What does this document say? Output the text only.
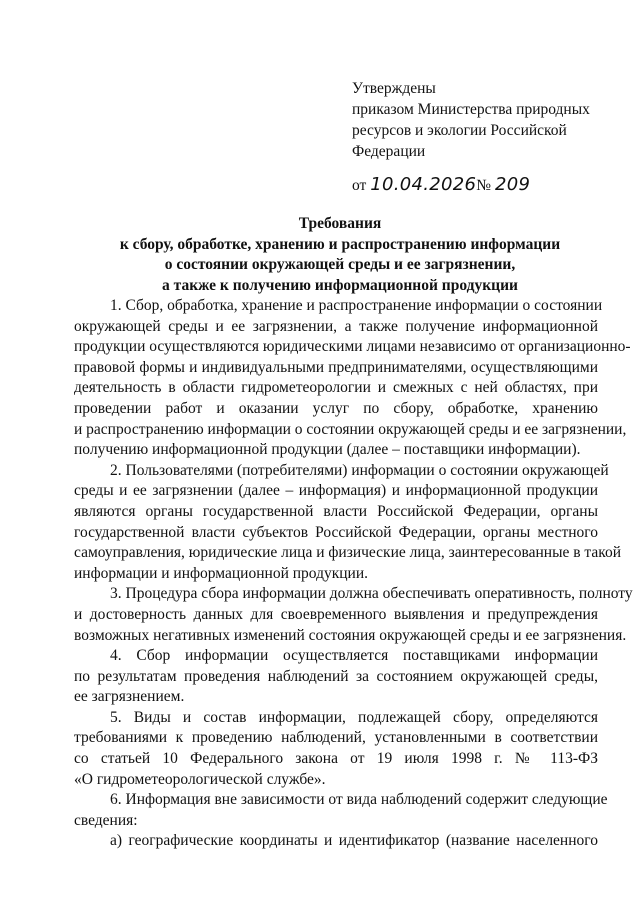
Утверждены
приказом Министерства природных
ресурсов и экологии Российской
Федерации
от 10.04.2026№ 209
Требования
к сбору, обработке, хранению и распространению информации
о состоянии окружающей среды и ее загрязнении,
а также к получению информационной продукции

1. Сбор, обработка, хранение и распространение информации о состоянии
окружающей среды и ее загрязнении, а также получение информационной
продукции осуществляются юридическими лицами независимо от организационно-
правовой формы и индивидуальными предпринимателями, осуществляющими
деятельность в области гидрометеорологии и смежных с ней областях, при
проведении работ и оказании услуг по сбору, обработке, хранению
и распространению информации о состоянии окружающей среды и ее загрязнении,
получению информационной продукции (далее – поставщики информации).

2. Пользователями (потребителями) информации о состоянии окружающей
среды и ее загрязнении (далее – информация) и информационной продукции
являются органы государственной власти Российской Федерации, органы
государственной власти субъектов Российской Федерации, органы местного
самоуправления, юридические лица и физические лица, заинтересованные в такой
информации и информационной продукции.

3. Процедура сбора информации должна обеспечивать оперативность, полноту
и достоверность данных для своевременного выявления и предупреждения
возможных негативных изменений состояния окружающей среды и ее загрязнения.

4. Сбор информации осуществляется поставщиками информации
по результатам проведения наблюдений за состоянием окружающей среды,
ее загрязнением.

5. Виды и состав информации, подлежащей сбору, определяются
требованиями к проведению наблюдений, установленными в соответствии
со статьей 10 Федерального закона от 19 июля 1998 г. № 113-ФЗ
«О гидрометеорологической службе».

6. Информация вне зависимости от вида наблюдений содержит следующие
сведения:

а) географические координаты и идентификатор (название населенного
